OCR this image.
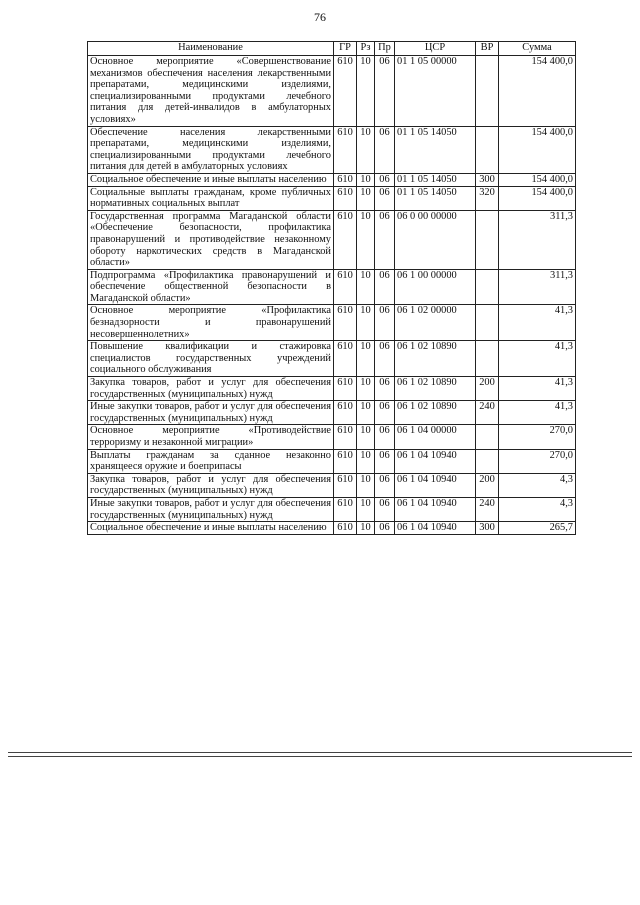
76
Наименование	ГР	Рз	Пр	ЦСР	ВР	Сумма
Основное мероприятие «Совершенствование механизмов обеспечения населения лекарственными препаратами, медицинскими изделиями, специализированными продуктами лечебного питания для детей-инвалидов в амбулаторных условиях»	610	10	06	01 1 05 00000		154 400,0
Обеспечение населения лекарственными препаратами, медицинскими изделиями, специализированными продуктами лечебного питания для детей в амбулаторных условиях	610	10	06	01 1 05 14050		154 400,0
Социальное обеспечение и иные выплаты населению	610	10	06	01 1 05 14050	300	154 400,0
Социальные выплаты гражданам, кроме публичных нормативных социальных выплат	610	10	06	01 1 05 14050	320	154 400,0
Государственная программа Магаданской области «Обеспечение безопасности, профилактика правонарушений и противодействие незаконному обороту наркотических средств в Магаданской области»	610	10	06	06 0 00 00000		311,3
Подпрограмма «Профилактика правонарушений и обеспечение общественной безопасности в Магаданской области»	610	10	06	06 1 00 00000		311,3
Основное мероприятие «Профилактика безнадзорности и правонарушений несовершеннолетних»	610	10	06	06 1 02 00000		41,3
Повышение квалификации и стажировка специалистов государственных учреждений социального обслуживания	610	10	06	06 1 02 10890		41,3
Закупка товаров, работ и услуг для обеспечения государственных (муниципальных) нужд	610	10	06	06 1 02 10890	200	41,3
Иные закупки товаров, работ и услуг для обеспечения государственных (муниципальных) нужд	610	10	06	06 1 02 10890	240	41,3
Основное мероприятие «Противодействие терроризму и незаконной миграции»	610	10	06	06 1 04 00000		270,0
Выплаты гражданам за сданное незаконно хранящееся оружие и боеприпасы	610	10	06	06 1 04 10940		270,0
Закупка товаров, работ и услуг для обеспечения государственных (муниципальных) нужд	610	10	06	06 1 04 10940	200	4,3
Иные закупки товаров, работ и услуг для обеспечения государственных (муниципальных) нужд	610	10	06	06 1 04 10940	240	4,3
Социальное обеспечение и иные выплаты населению	610	10	06	06 1 04 10940	300	265,7
